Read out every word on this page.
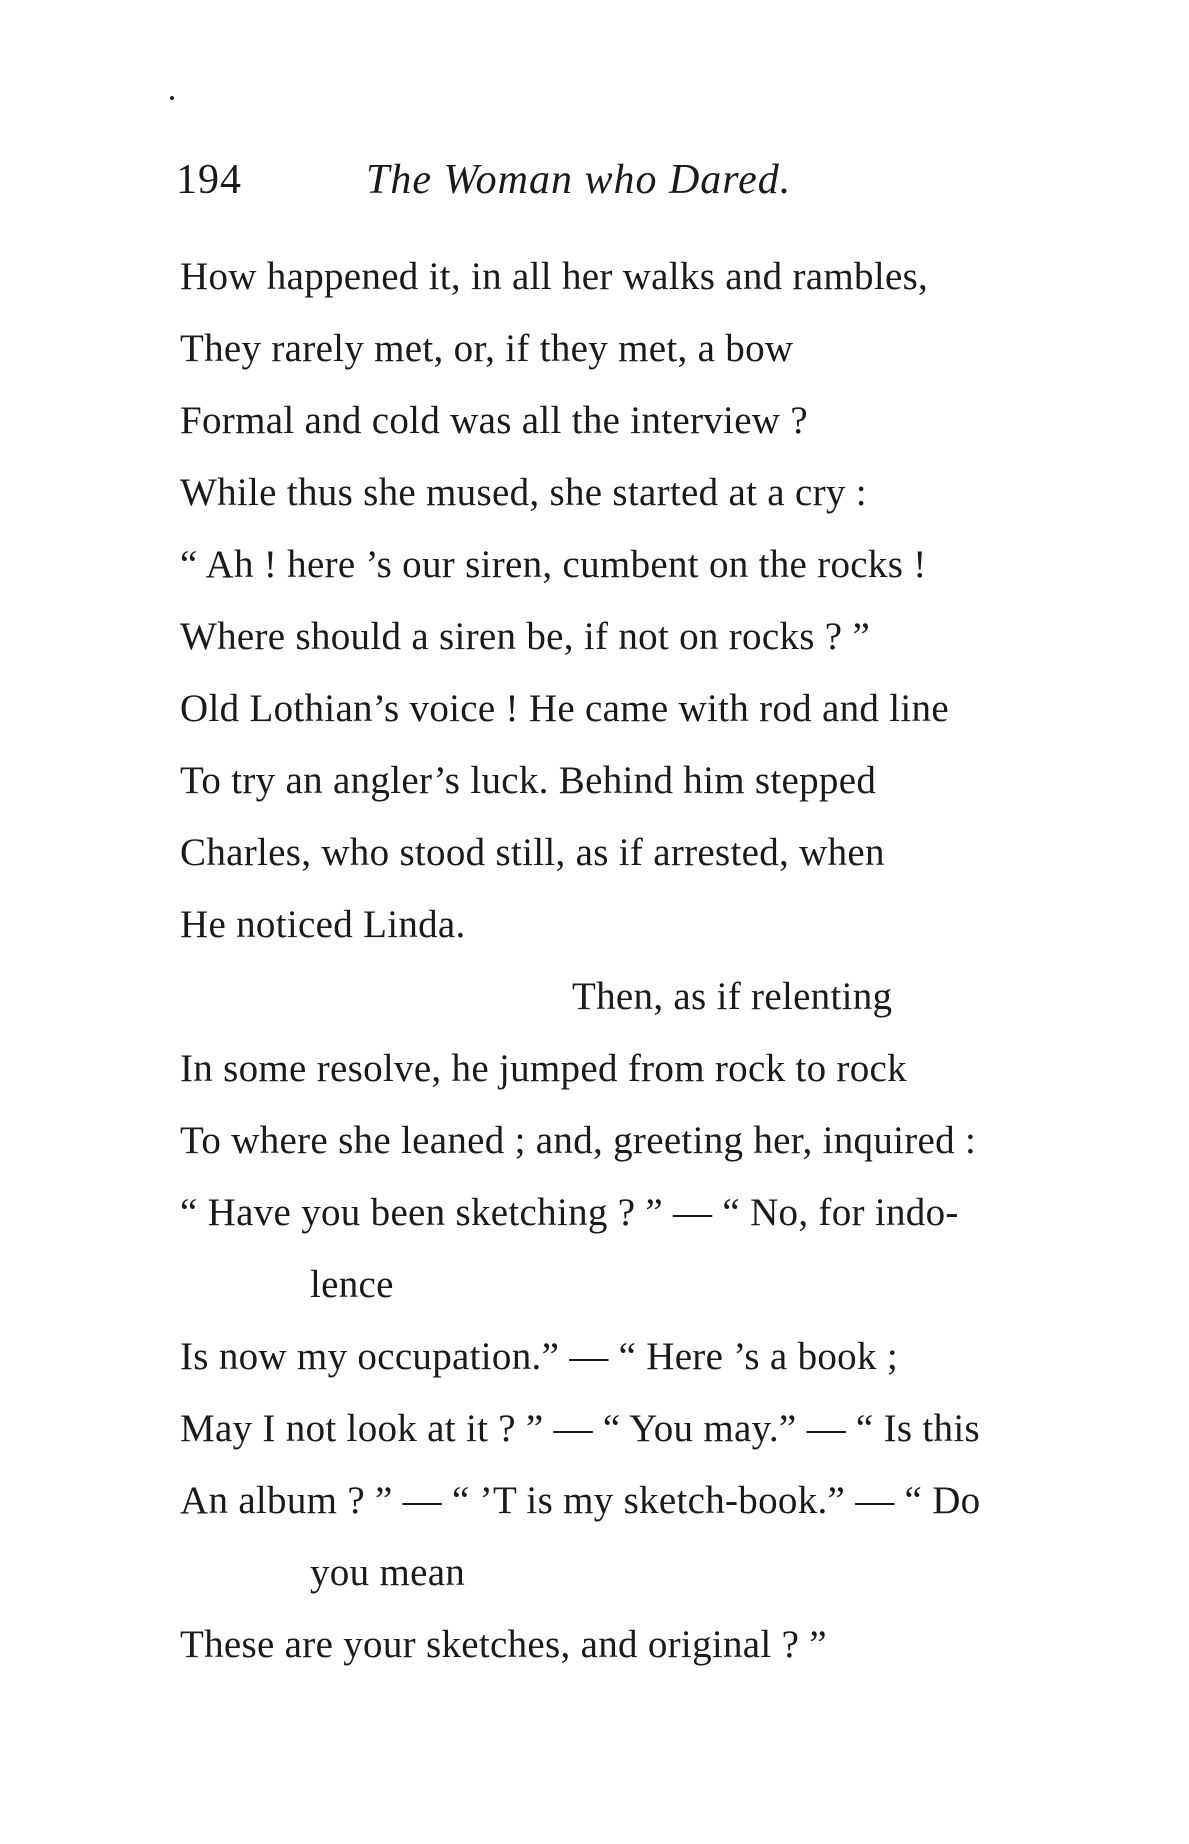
194	The Woman who Dared.
How happened it, in all her walks and rambles,
They rarely met, or, if they met, a bow
Formal and cold was all the interview ?
While thus she mused, she started at a cry :
“ Ah ! here ’s our siren, cumbent on the rocks !
Where should a siren be, if not on rocks ? ”
Old Lothian’s voice ! He came with rod and line
To try an angler’s luck. Behind him stepped
Charles, who stood still, as if arrested, when
He noticed Linda.
Then, as if relenting
In some resolve, he jumped from rock to rock
To where she leaned ; and, greeting her, inquired :
“ Have you been sketching ? ” — “ No, for indo-
lence
Is now my occupation.” — “ Here ’s a book ;
May I not look at it ? ” — “ You may.” — “ Is this
An album ? ” — “ ’T is my sketch-book.” — “ Do
you mean
These are your sketches, and original ? ”
